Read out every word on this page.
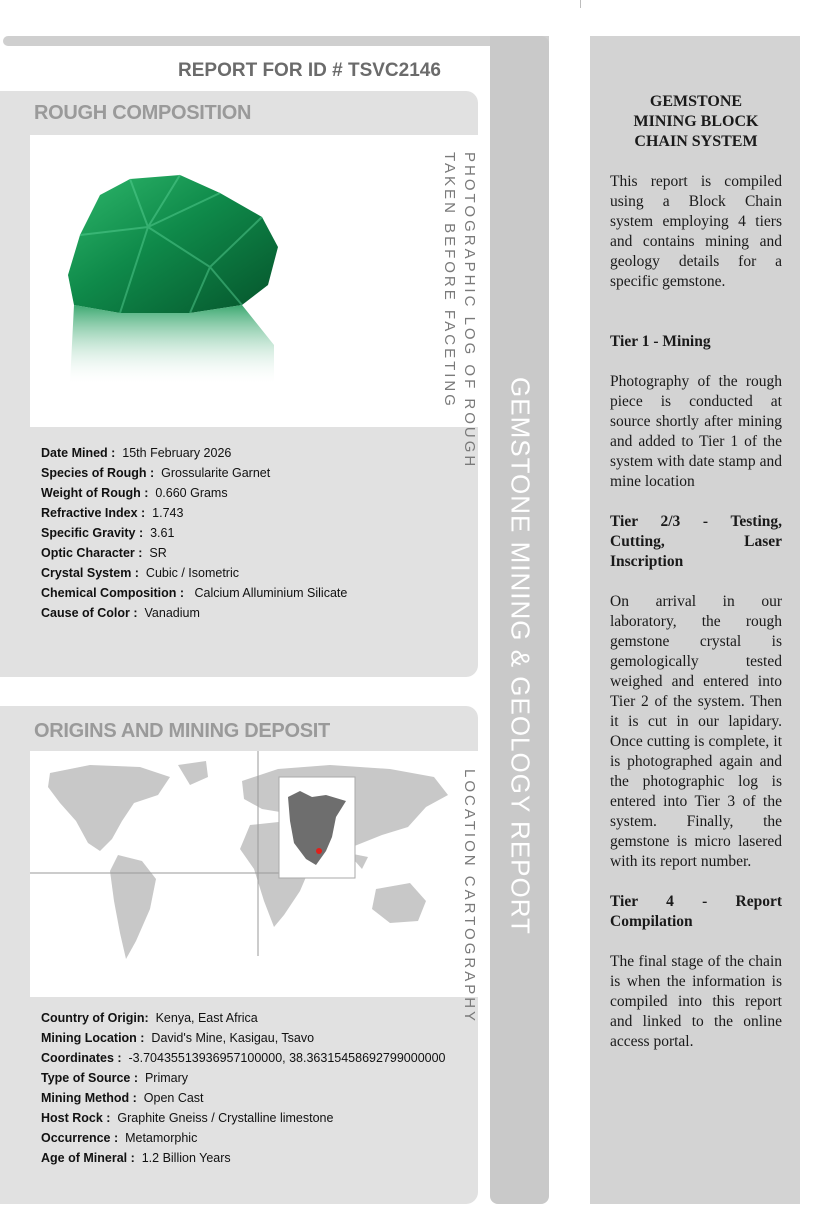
GEMSTONE MINING & GEOLOGY REPORT
REPORT FOR ID # TSVC2146
ROUGH COMPOSITION
PHOTOGRAPHIC LOG OF ROUGH
TAKEN BEFORE FACETING
Date Mined : 15th February 2026
Species of Rough : Grossularite Garnet
Weight of Rough : 0.660 Grams
Refractive Index : 1.743
Specific Gravity : 3.61
Optic Character : SR
Crystal System : Cubic / Isometric
Chemical Composition : Calcium Alluminium Silicate
Cause of Color : Vanadium
ORIGINS AND MINING DEPOSIT
LOCATION CARTOGRAPHY
Country of Origin: Kenya, East Africa
Mining Location : David's Mine, Kasigau, Tsavo
Coordinates : -3.70435513936957100000, 38.36315458692799000000
Type of Source : Primary
Mining Method : Open Cast
Host Rock : Graphite Gneiss / Crystalline limestone
Occurrence : Metamorphic
Age of Mineral : 1.2 Billion Years
GEMSTONE
MINING BLOCK
CHAIN SYSTEM
This report is compiled using a Block Chain system employing 4 tiers and contains mining and geology details for a specific gemstone.
Tier 1 - Mining
Photography of the rough piece is conducted at source shortly after mining and added to Tier 1 of the system with date stamp and mine location
Tier 2/3 - Testing, Cutting, Laser Inscription
On arrival in our laboratory, the rough gemstone crystal is gemologically tested weighed and entered into Tier 2 of the system. Then it is cut in our lapidary. Once cutting is complete, it is photographed again and the photographic log is entered into Tier 3 of the system. Finally, the gemstone is micro lasered with its report number.
Tier 4 - Report Compilation
The final stage of the chain is when the information is compiled into this report and linked to the online access portal.
